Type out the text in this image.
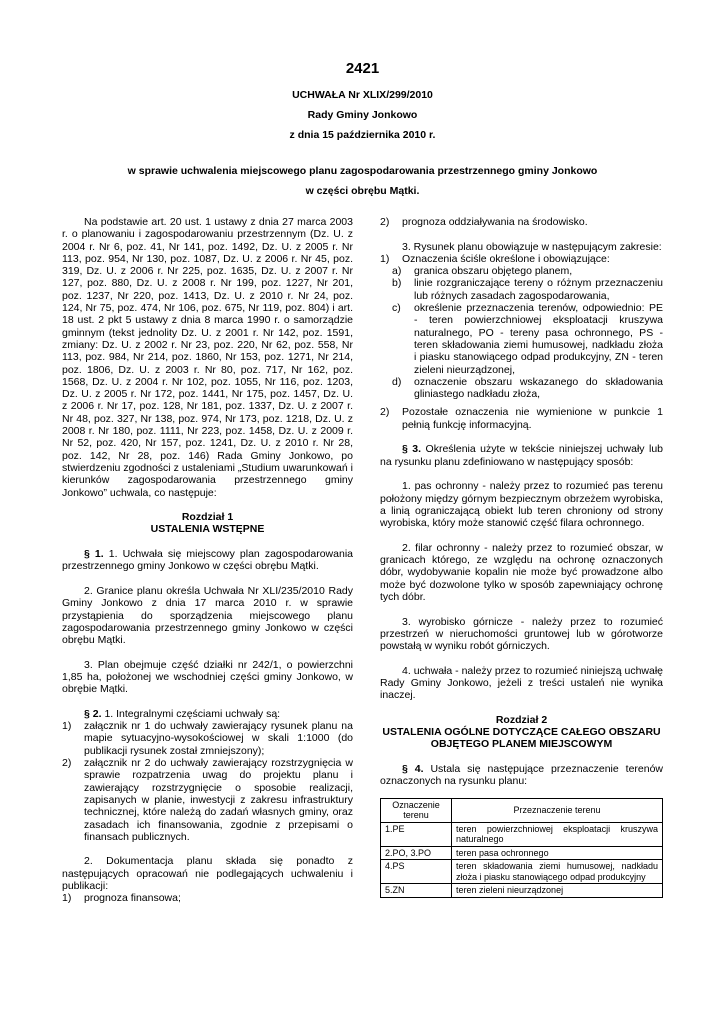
2421
UCHWAŁA Nr XLIX/299/2010
Rady Gminy Jonkowo
z dnia 15 października 2010 r.
w sprawie uchwalenia miejscowego planu zagospodarowania przestrzennego gminy Jonkowo
w części obrębu Mątki.

Na podstawie art. 20 ust. 1 ustawy z dnia 27 marca 2003 r. o planowaniu i zagospodarowaniu przestrzennym (Dz. U. z 2004 r. Nr 6, poz. 41, Nr 141, poz. 1492, Dz. U. z 2005 r. Nr 113, poz. 954, Nr 130, poz. 1087, Dz. U. z 2006 r. Nr 45, poz. 319, Dz. U. z 2006 r. Nr 225, poz. 1635, Dz. U. z 2007 r. Nr 127, poz. 880, Dz. U. z 2008 r. Nr 199, poz. 1227, Nr 201, poz. 1237, Nr 220, poz. 1413, Dz. U. z 2010 r. Nr 24, poz. 124, Nr 75, poz. 474, Nr 106, poz. 675, Nr 119, poz. 804) i art. 18 ust. 2 pkt 5 ustawy z dnia 8 marca 1990 r. o samorządzie gminnym (tekst jednolity Dz. U. z 2001 r. Nr 142, poz. 1591, zmiany: Dz. U. z 2002 r. Nr 23, poz. 220, Nr 62, poz. 558, Nr 113, poz. 984, Nr 214, poz. 1860, Nr 153, poz. 1271, Nr 214, poz. 1806, Dz. U. z 2003 r. Nr 80, poz. 717, Nr 162, poz. 1568, Dz. U. z 2004 r. Nr 102, poz. 1055, Nr 116, poz. 1203, Dz. U. z 2005 r. Nr 172, poz. 1441, Nr 175, poz. 1457, Dz. U. z 2006 r. Nr 17, poz. 128, Nr 181, poz. 1337, Dz. U. z 2007 r. Nr 48, poz. 327, Nr 138, poz. 974, Nr 173, poz. 1218, Dz. U. z 2008 r. Nr 180, poz. 1111, Nr 223, poz. 1458, Dz. U. z 2009 r. Nr 52, poz. 420, Nr 157, poz. 1241, Dz. U. z 2010 r. Nr 28, poz. 142, Nr 28, poz. 146) Rada Gminy Jonkowo, po stwierdzeniu zgodności z ustaleniami „Studium uwarunkowań i kierunków zagospodarowania przestrzennego gminy Jonkowo” uchwala, co następuje:

Rozdział 1
USTALENIA WSTĘPNE

§ 1. 1. Uchwała się miejscowy plan zagospodarowania przestrzennego gminy Jonkowo w części obrębu Mątki.

2. Granice planu określa Uchwała Nr XLI/235/2010 Rady Gminy Jonkowo z dnia 17 marca 2010 r. w sprawie przystąpienia do sporządzenia miejscowego planu zagospodarowania przestrzennego gminy Jonkowo w części obrębu Mątki.

3. Plan obejmuje część działki nr 242/1, o powierzchni 1,85 ha, położonej we wschodniej części gminy Jonkowo, w obrębie Mątki.

§ 2. 1. Integralnymi częściami uchwały są:

1)	załącznik nr 1 do uchwały zawierający rysunek planu na mapie sytuacyjno-wysokościowej w skali 1:1000 (do publikacji rysunek został zmniejszony);
2)	załącznik nr 2 do uchwały zawierający rozstrzygnięcia w sprawie rozpatrzenia uwag do projektu planu i zawierający rozstrzygnięcie o sposobie realizacji, zapisanych w planie, inwestycji z zakresu infrastruktury technicznej, które należą do zadań własnych gminy, oraz zasadach ich finansowania, zgodnie z przepisami o finansach publicznych.

2. Dokumentacja planu składa się ponadto z następujących opracowań nie podlegających uchwaleniu i publikacji:

1)	prognoza finansowa;
2)	prognoza oddziaływania na środowisko.

3. Rysunek planu obowiązuje w następującym zakresie:

1)	Oznaczenia ściśle określone i obowiązujące:
a)	granica obszaru objętego planem,
b)	linie rozgraniczające tereny o różnym przeznaczeniu lub różnych zasadach zagospodarowania,
c)	określenie przeznaczenia terenów, odpowiednio: PE - teren powierzchniowej eksploatacji kruszywa naturalnego, PO - tereny pasa ochronnego, PS - teren składowania ziemi humusowej, nadkładu złoża i piasku stanowiącego odpad produkcyjny, ZN - teren zieleni nieurządzonej,
d)	oznaczenie obszaru wskazanego do składowania gliniastego nadkładu złoża,
2)	Pozostałe oznaczenia nie wymienione w punkcie 1 pełnią funkcję informacyjną.

§ 3. Określenia użyte w tekście niniejszej uchwały lub na rysunku planu zdefiniowano w następujący sposób:

1. pas ochronny - należy przez to rozumieć pas terenu położony między górnym bezpiecznym obrzeżem wyrobiska, a linią ograniczającą obiekt lub teren chroniony od strony wyrobiska, który może stanowić część filara ochronnego.

2. filar ochronny - należy przez to rozumieć obszar, w granicach którego, ze względu na ochronę oznaczonych dóbr, wydobywanie kopalin nie może być prowadzone albo może być dozwolone tylko w sposób zapewniający ochronę tych dóbr.

3. wyrobisko górnicze - należy przez to rozumieć przestrzeń w nieruchomości gruntowej lub w górotworze powstałą w wyniku robót górniczych.

4. uchwała - należy przez to rozumieć niniejszą uchwałę Rady Gminy Jonkowo, jeżeli z treści ustaleń nie wynika inaczej.

Rozdział 2
USTALENIA OGÓLNE DOTYCZĄCE CAŁEGO OBSZARU OBJĘTEGO PLANEM MIEJSCOWYM

§ 4. Ustala się następujące przeznaczenie terenów oznaczonych na rysunku planu:

Oznaczenie terenu	Przeznaczenie terenu
1.PE	teren powierzchniowej eksploatacji kruszywa naturalnego
2.PO, 3.PO	teren pasa ochronnego
4.PS	teren składowania ziemi humusowej, nadkładu złoża i piasku stanowiącego odpad produkcyjny
5.ZN	teren zieleni nieurządzonej
